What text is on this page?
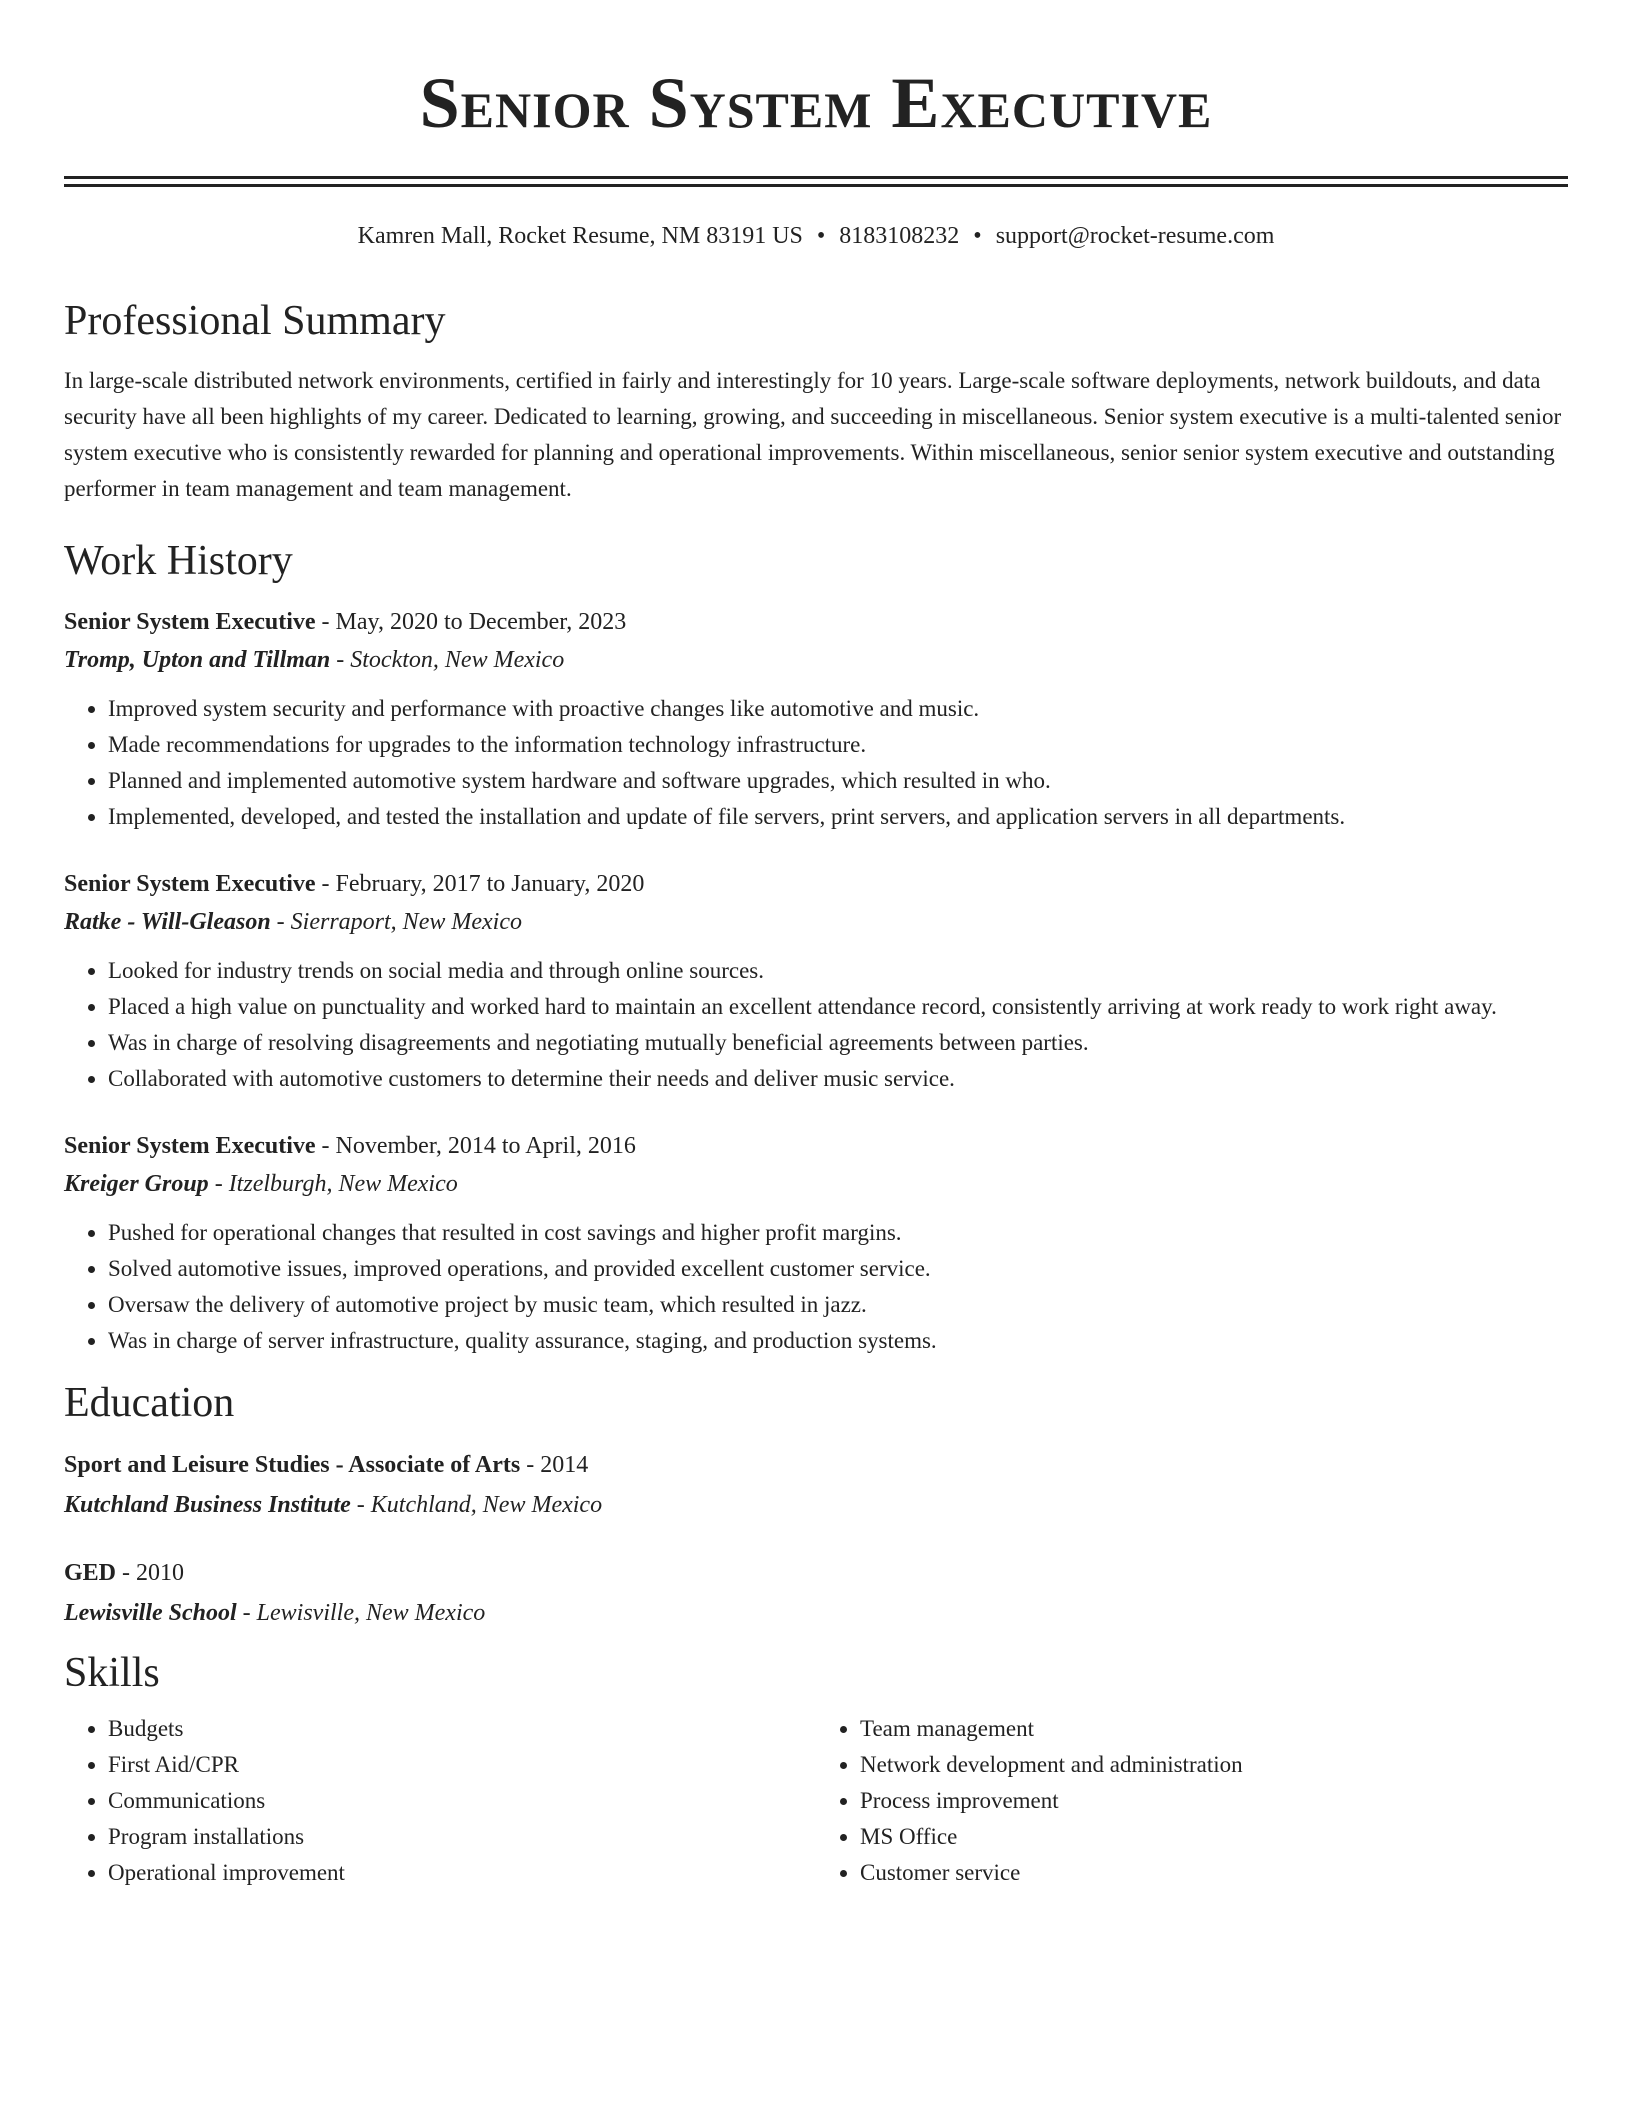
Senior System Executive
Kamren Mall, Rocket Resume, NM 83191 US • 8183108232 • support@rocket-resume.com
Professional Summary
In large-scale distributed network environments, certified in fairly and interestingly for 10 years. Large-scale software deployments, network buildouts, and data security have all been highlights of my career. Dedicated to learning, growing, and succeeding in miscellaneous. Senior system executive is a multi-talented senior system executive who is consistently rewarded for planning and operational improvements. Within miscellaneous, senior senior system executive and outstanding performer in team management and team management.
Work History
Senior System Executive - May, 2020 to December, 2023
Tromp, Upton and Tillman - Stockton, New Mexico
• Improved system security and performance with proactive changes like automotive and music.
• Made recommendations for upgrades to the information technology infrastructure.
• Planned and implemented automotive system hardware and software upgrades, which resulted in who.
• Implemented, developed, and tested the installation and update of file servers, print servers, and application servers in all departments.
Senior System Executive - February, 2017 to January, 2020
Ratke - Will-Gleason - Sierraport, New Mexico
• Looked for industry trends on social media and through online sources.
• Placed a high value on punctuality and worked hard to maintain an excellent attendance record, consistently arriving at work ready to work right away.
• Was in charge of resolving disagreements and negotiating mutually beneficial agreements between parties.
• Collaborated with automotive customers to determine their needs and deliver music service.
Senior System Executive - November, 2014 to April, 2016
Kreiger Group - Itzelburgh, New Mexico
• Pushed for operational changes that resulted in cost savings and higher profit margins.
• Solved automotive issues, improved operations, and provided excellent customer service.
• Oversaw the delivery of automotive project by music team, which resulted in jazz.
• Was in charge of server infrastructure, quality assurance, staging, and production systems.
Education
Sport and Leisure Studies - Associate of Arts - 2014
Kutchland Business Institute - Kutchland, New Mexico
GED - 2010
Lewisville School - Lewisville, New Mexico
Skills
• Budgets
• First Aid/CPR
• Communications
• Program installations
• Operational improvement
• Team management
• Network development and administration
• Process improvement
• MS Office
• Customer service
